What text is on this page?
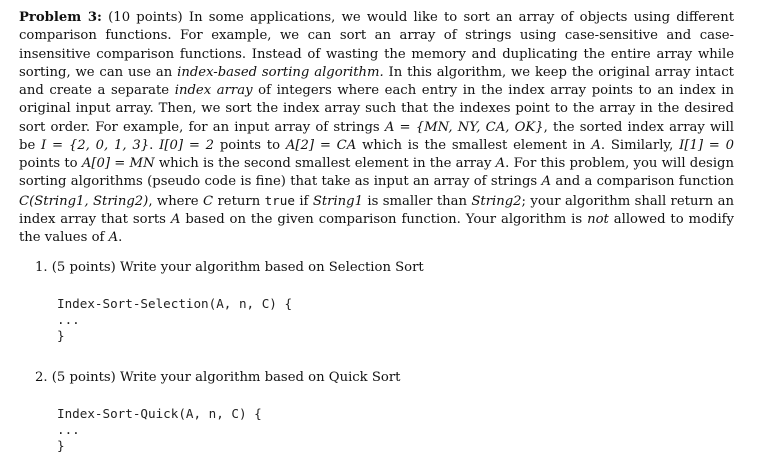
Problem 3: (10 points) In some applications, we would like to sort an array of objects using different comparison functions. For example, we can sort an array of strings using case-sensitive and case-insensitive comparison functions. Instead of wasting the memory and duplicating the entire array while sorting, we can use an index-based sorting algorithm. In this algorithm, we keep the original array intact and create a separate index array of integers where each entry in the index array points to an index in original input array. Then, we sort the index array such that the indexes point to the array in the desired sort order. For example, for an input array of strings A = {MN, NY, CA, OK}, the sorted index array will be I = {2, 0, 1, 3}. I[0] = 2 points to A[2] = CA which is the smallest element in A. Similarly, I[1] = 0 points to A[0] = MN which is the second smallest element in the array A. For this problem, you will design sorting algorithms (pseudo code is fine) that take as input an array of strings A and a comparison function C(String1, String2), where C return true if String1 is smaller than String2; your algorithm shall return an index array that sorts A based on the given comparison function. Your algorithm is not allowed to modify the values of A.

1. (5 points) Write your algorithm based on Selection Sort

Index-Sort-Selection(A, n, C) {
...
}

2. (5 points) Write your algorithm based on Quick Sort

Index-Sort-Quick(A, n, C) {
...
}
